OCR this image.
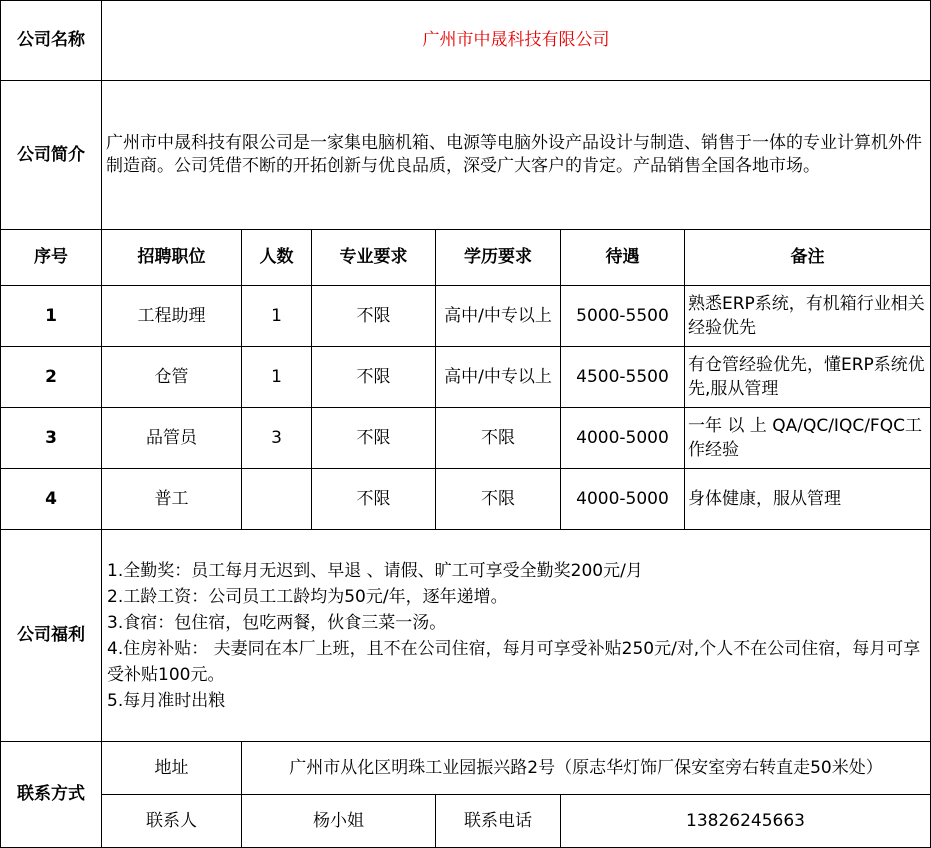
公司名称	广州市中晟科技有限公司					
公司简介	广州市中晟科技有限公司是一家集电脑机箱、电源等电脑外设产品设计与制造、销售于一体的专业计算机外件制造商。公司凭借不断的开拓创新与优良品质，深受广大客户的肯定。产品销售全国各地市场。					
序号	招聘职位	人数	专业要求	学历要求	待遇	备注
1	工程助理	1	不限	高中/中专以上	5000-5500	熟悉ERP系统，有机箱行业相关经验优先
2	仓管	1	不限	高中/中专以上	4500-5500	有仓管经验优先，懂ERP系统优先,服从管理
3	品管员	3	不限	不限	4000-5000	一年 以 上 QA/QC/IQC/FQC工作经验
4	普工		不限	不限	4000-5000	身体健康，服从管理
公司福利	1.全勤奖：员工每月无迟到、早退 、请假、旷工可享受全勤奖200元/月
2.工龄工资：公司员工工龄均为50元/年，逐年递增。
3.食宿：包住宿，包吃两餐，伙食三菜一汤。
4.住房补贴： 夫妻同在本厂上班，且不在公司住宿，每月可享受补贴250元/对,个人不在公司住宿，每月可享受补贴100元。
5.每月准时出粮					

联系方式	地址	广州市从化区明珠工业园振兴路2号（原志华灯饰厂保安室旁右转直走50米处）				
	联系人	杨小姐		联系电话	13826245663	
